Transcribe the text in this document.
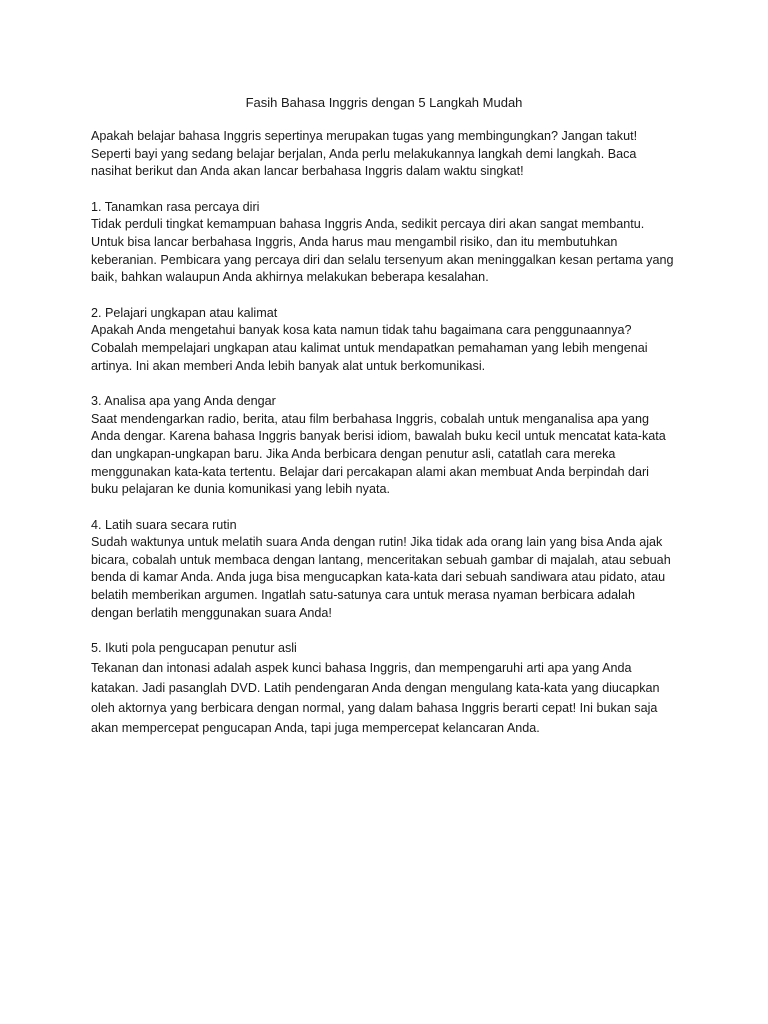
Fasih Bahasa Inggris dengan 5 Langkah Mudah

Apakah belajar bahasa Inggris sepertinya merupakan tugas yang membingungkan? Jangan takut! Seperti bayi yang sedang belajar berjalan, Anda perlu melakukannya langkah demi langkah. Baca nasihat berikut dan Anda akan lancar berbahasa Inggris dalam waktu singkat!

1. Tanamkan rasa percaya diri

Tidak perduli tingkat kemampuan bahasa Inggris Anda, sedikit percaya diri akan sangat membantu. Untuk bisa lancar berbahasa Inggris, Anda harus mau mengambil risiko, dan itu membutuhkan keberanian. Pembicara yang percaya diri dan selalu tersenyum akan meninggalkan kesan pertama yang baik, bahkan walaupun Anda akhirnya melakukan beberapa kesalahan.

2. Pelajari ungkapan atau kalimat

Apakah Anda mengetahui banyak kosa kata namun tidak tahu bagaimana cara penggunaannya? Cobalah mempelajari ungkapan atau kalimat untuk mendapatkan pemahaman yang lebih mengenai artinya. Ini akan memberi Anda lebih banyak alat untuk berkomunikasi.

3. Analisa apa yang Anda dengar

Saat mendengarkan radio, berita, atau film berbahasa Inggris, cobalah untuk menganalisa apa yang Anda dengar. Karena bahasa Inggris banyak berisi idiom, bawalah buku kecil untuk mencatat kata-kata dan ungkapan-ungkapan baru. Jika Anda berbicara dengan penutur asli, catatlah cara mereka menggunakan kata-kata tertentu. Belajar dari percakapan alami akan membuat Anda berpindah dari buku pelajaran ke dunia komunikasi yang lebih nyata.

4. Latih suara secara rutin

Sudah waktunya untuk melatih suara Anda dengan rutin! Jika tidak ada orang lain yang bisa Anda ajak bicara, cobalah untuk membaca dengan lantang, menceritakan sebuah gambar di majalah, atau sebuah benda di kamar Anda. Anda juga bisa mengucapkan kata-kata dari sebuah sandiwara atau pidato, atau belatih memberikan argumen. Ingatlah satu-satunya cara untuk merasa nyaman berbicara adalah dengan berlatih menggunakan suara Anda!

5. Ikuti pola pengucapan penutur asli

Tekanan dan intonasi adalah aspek kunci bahasa Inggris, dan mempengaruhi arti apa yang Anda katakan. Jadi pasanglah DVD. Latih pendengaran Anda dengan mengulang kata-kata yang diucapkan oleh aktornya yang berbicara dengan normal, yang dalam bahasa Inggris berarti cepat! Ini bukan saja akan mempercepat pengucapan Anda, tapi juga mempercepat kelancaran Anda.
